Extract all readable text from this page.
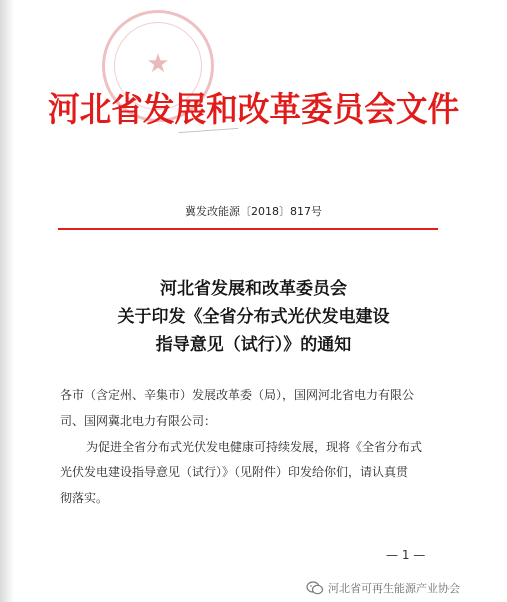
★
河北省发展和改革委员会文件
冀发改能源〔2018〕817号
河北省发展和改革委员会
关于印发《全省分布式光伏发电建设
指导意见（试行）》的通知
各市（含定州、辛集市）发展改革委（局），国网河北省电力有限公
司、国网冀北电力有限公司：
为促进全省分布式光伏发电健康可持续发展，现将《全省分布式
光伏发电建设指导意见（试行）》（见附件）印发给你们，请认真贯
彻落实。
— 1 —
河北省可再生能源产业协会
